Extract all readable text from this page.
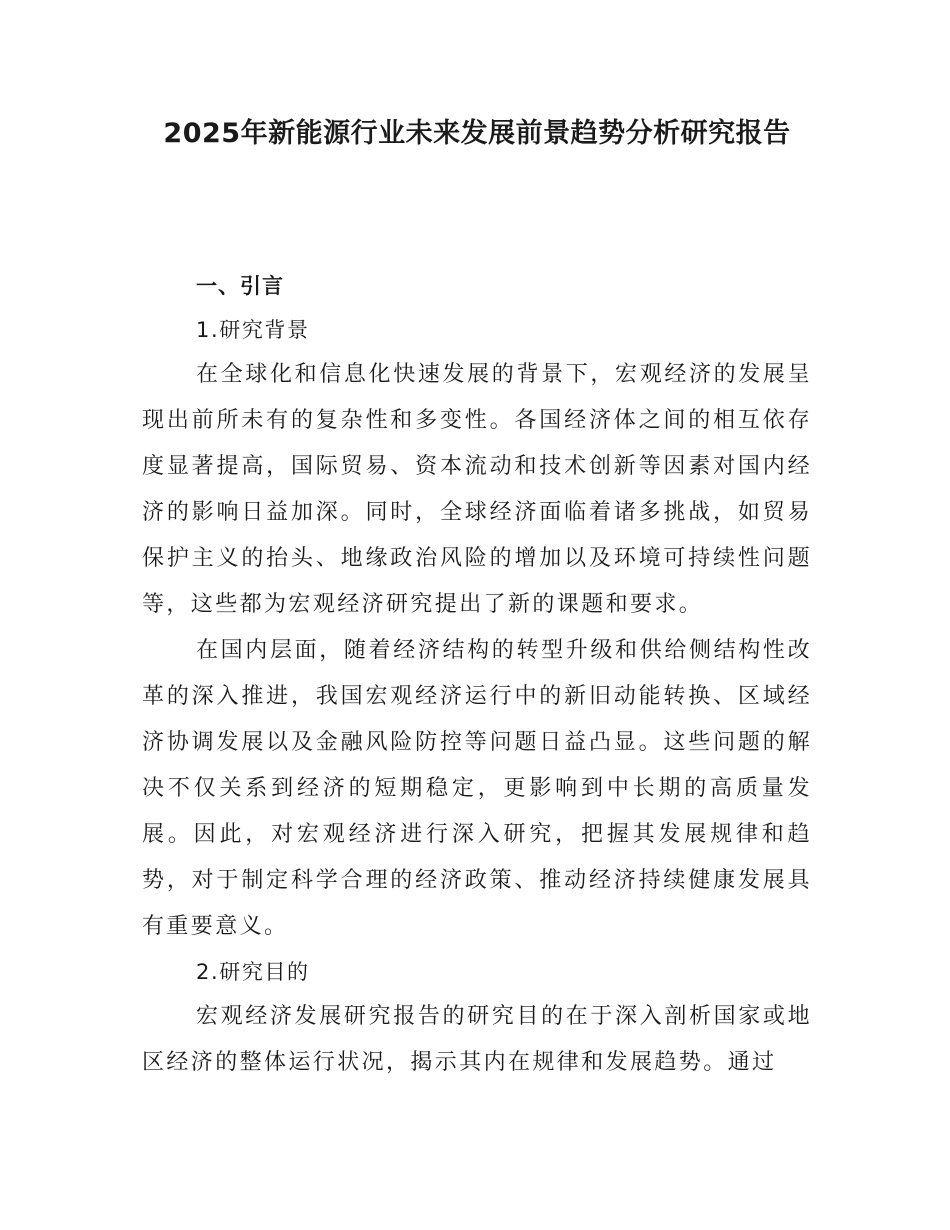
2025年新能源行业未来发展前景趋势分析研究报告

一、引言

1.研究背景

在全球化和信息化快速发展的背景下，宏观经济的发展呈现出前所未有的复杂性和多变性。各国经济体之间的相互依存度显著提高，国际贸易、资本流动和技术创新等因素对国内经济的影响日益加深。同时，全球经济面临着诸多挑战，如贸易保护主义的抬头、地缘政治风险的增加以及环境可持续性问题等，这些都为宏观经济研究提出了新的课题和要求。

在国内层面，随着经济结构的转型升级和供给侧结构性改革的深入推进，我国宏观经济运行中的新旧动能转换、区域经济协调发展以及金融风险防控等问题日益凸显。这些问题的解决不仅关系到经济的短期稳定，更影响到中长期的高质量发展。因此，对宏观经济进行深入研究，把握其发展规律和趋势，对于制定科学合理的经济政策、推动经济持续健康发展具有重要意义。

2.研究目的

宏观经济发展研究报告的研究目的在于深入剖析国家或地区经济的整体运行状况，揭示其内在规律和发展趋势。通过
